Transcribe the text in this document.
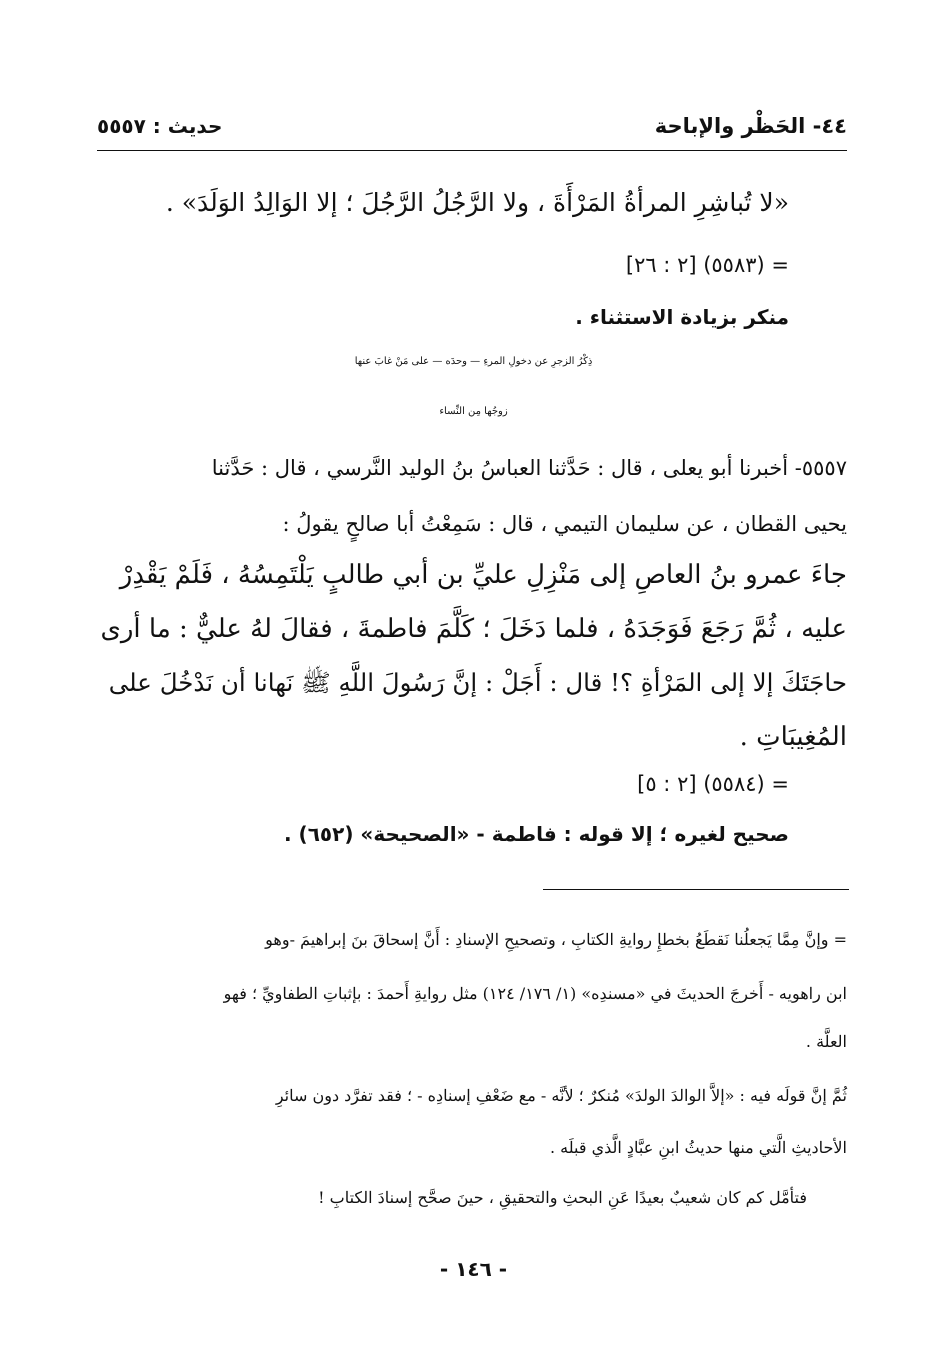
٤٤- الحَظْر والإباحة
حديث : ٥٥٥٧
«لا تُباشِرِ المرأةُ المَرْأَةَ ، ولا الرَّجُلُ الرَّجُلَ ؛ إلا الوَالِدُ الوَلَدَ» .
= (٥٥٨٣) [٢ : ٢٦]
منكر بزيادة الاستثناء .
ذِكْرُ الزجرِ عن دخولِ المرءِ — وحدَه — على مَنْ غابَ عنها
زوجُها مِن النِّساء
٥٥٥٧- أخبرنا أبو يعلى ، قال : حَدَّثنا العباسُ بنُ الوليد النَّرسي ، قال : حَدَّثنا
يحيى القطان ، عن سليمان التيمي ، قال : سَمِعْتُ أبا صالحٍ يقولُ :
جاءَ عمرو بنُ العاصِ إلى مَنْزِلِ عليِّ بن أبي طالبٍ يَلْتَمِسُهُ ، فَلَمْ يَقْدِرْ
عليه ، ثُمَّ رَجَعَ فَوَجَدَهُ ، فلما دَخَلَ ؛ كَلَّمَ فاطمةَ ، فقالَ لهُ عليٌّ : ما أرى
حاجَتَكَ إلا إلى المَرْأةِ ؟! قال : أَجَلْ : إنَّ رَسُولَ اللَّهِ ﷺ نَهانا أن نَدْخُلَ على
المُغِيبَاتِ .
= (٥٥٨٤) [٢ : ٥]
صحيح لغيره ؛ إلا قوله : فاطمة - «الصحيحة» (٦٥٢) .
= وإنَّ مِمَّا يَجعلُنا نَقطَعُ بخطإِ روايةِ الكتابِ ، وتصحيحِ الإسنادِ : أَنَّ إسحاقَ بنَ إبراهيمَ -وهو
ابن راهويه - أَخرجَ الحديثَ في «مسندِه» (١/ ١٧٦/ ١٢٤) مثل روايةِ أَحمدَ : بإثباتِ الطفاويِّ ؛ فهو
العلَّة .
ثُمَّ إنَّ قولَه فيه : «إلاَّ الوالدَ الولدَ» مُنكرٌ ؛ لأنَّه - مع ضَعْفِ إسنادِه - ؛ فقد تفرَّد دون سائرِ
الأحاديثِ الَّتي منها حديثُ ابنِ عبَّادٍ الَّذي قبلَه .
فتأمَّل كم كان شعيبٌ بعيدًا عَنِ البحثِ والتحقيقِ ، حينَ صحَّح إسنادَ الكتابِ !
- ١٤٦ -
